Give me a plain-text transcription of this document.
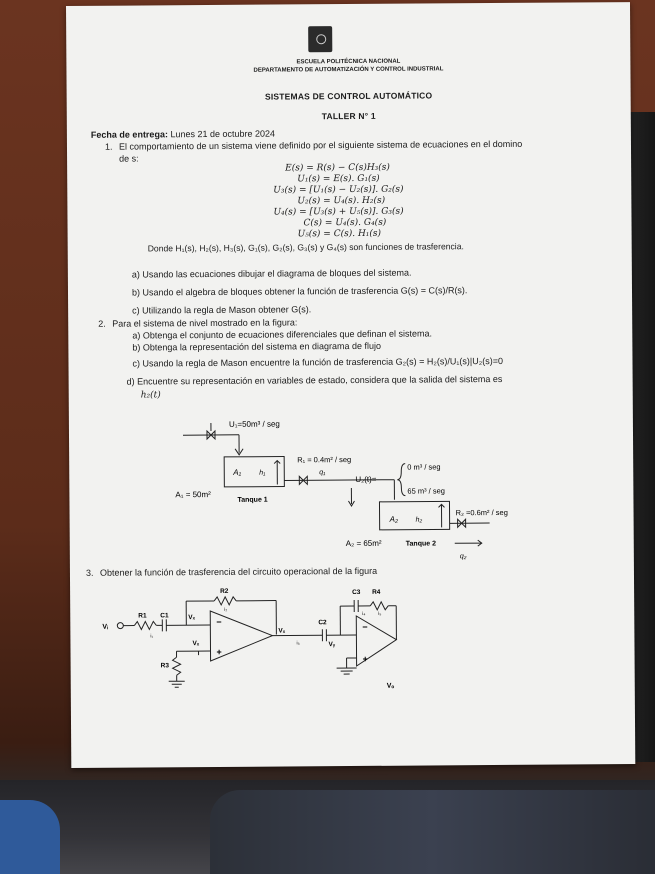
ESCUELA POLITÉCNICA NACIONAL
DEPARTAMENTO DE AUTOMATIZACIÓN Y CONTROL INDUSTRIAL
SISTEMAS DE CONTROL AUTOMÁTICO
TALLER N° 1
Fecha de entrega: Lunes 21 de octubre 2024
1. El comportamiento de un sistema viene definido por el siguiente sistema de ecuaciones en el domino
de s:
E(s) = R(s) − C(s)H₃(s)
U₁(s) = E(s). G₁(s)
U₃(s) = [U₁(s) − U₂(s)]. G₂(s)
U₂(s) = U₄(s). H₂(s)
U₄(s) = [U₃(s) + U₅(s)]. G₃(s)
C(s) = U₄(s). G₄(s)
U₅(s) = C(s). H₁(s)
Donde H₁(s), H₂(s), H₃(s), G₁(s), G₂(s), G₃(s) y G₄(s) son funciones de trasferencia.
a) Usando las ecuaciones dibujar el diagrama de bloques del sistema.
b) Usando el algebra de bloques obtener la función de trasferencia G(s) = C(s)/R(s).
c) Utilizando la regla de Mason obtener G(s).
2. Para el sistema de nivel mostrado en la figura:
a) Obtenga el conjunto de ecuaciones diferenciales que definan el sistema.
b) Obtenga la representación del sistema en diagrama de flujo
c) Usando la regla de Mason encuentre la función de trasferencia G₂(s) = H₂(s)/U₁(s)|U₂(s)=0
d) Encuentre su representación en variables de estado, considera que la salida del sistema es
h₂(t)
U₁=50m³ / seg
A₁	h₁
A₁ = 50m²
Tanque 1
R₁ = 0.4m² / seg
q₁
U₂(t)=
0 m³ / seg
65 m³ / seg
A₂	h₂
R₂ =0.6m² / seg
A₂ = 65m²	Tanque 2
q₂
3. Obtener la función de trasferencia del circuito operacional de la figura
Vᵢ
R1 C1	Vₓ
R2
i₂
i₁
−
+
Vₓ
R3
Vₓ
i₃
C2
Vᵧ
C3 R4
i₄	i₅
−
+
Vₒ
